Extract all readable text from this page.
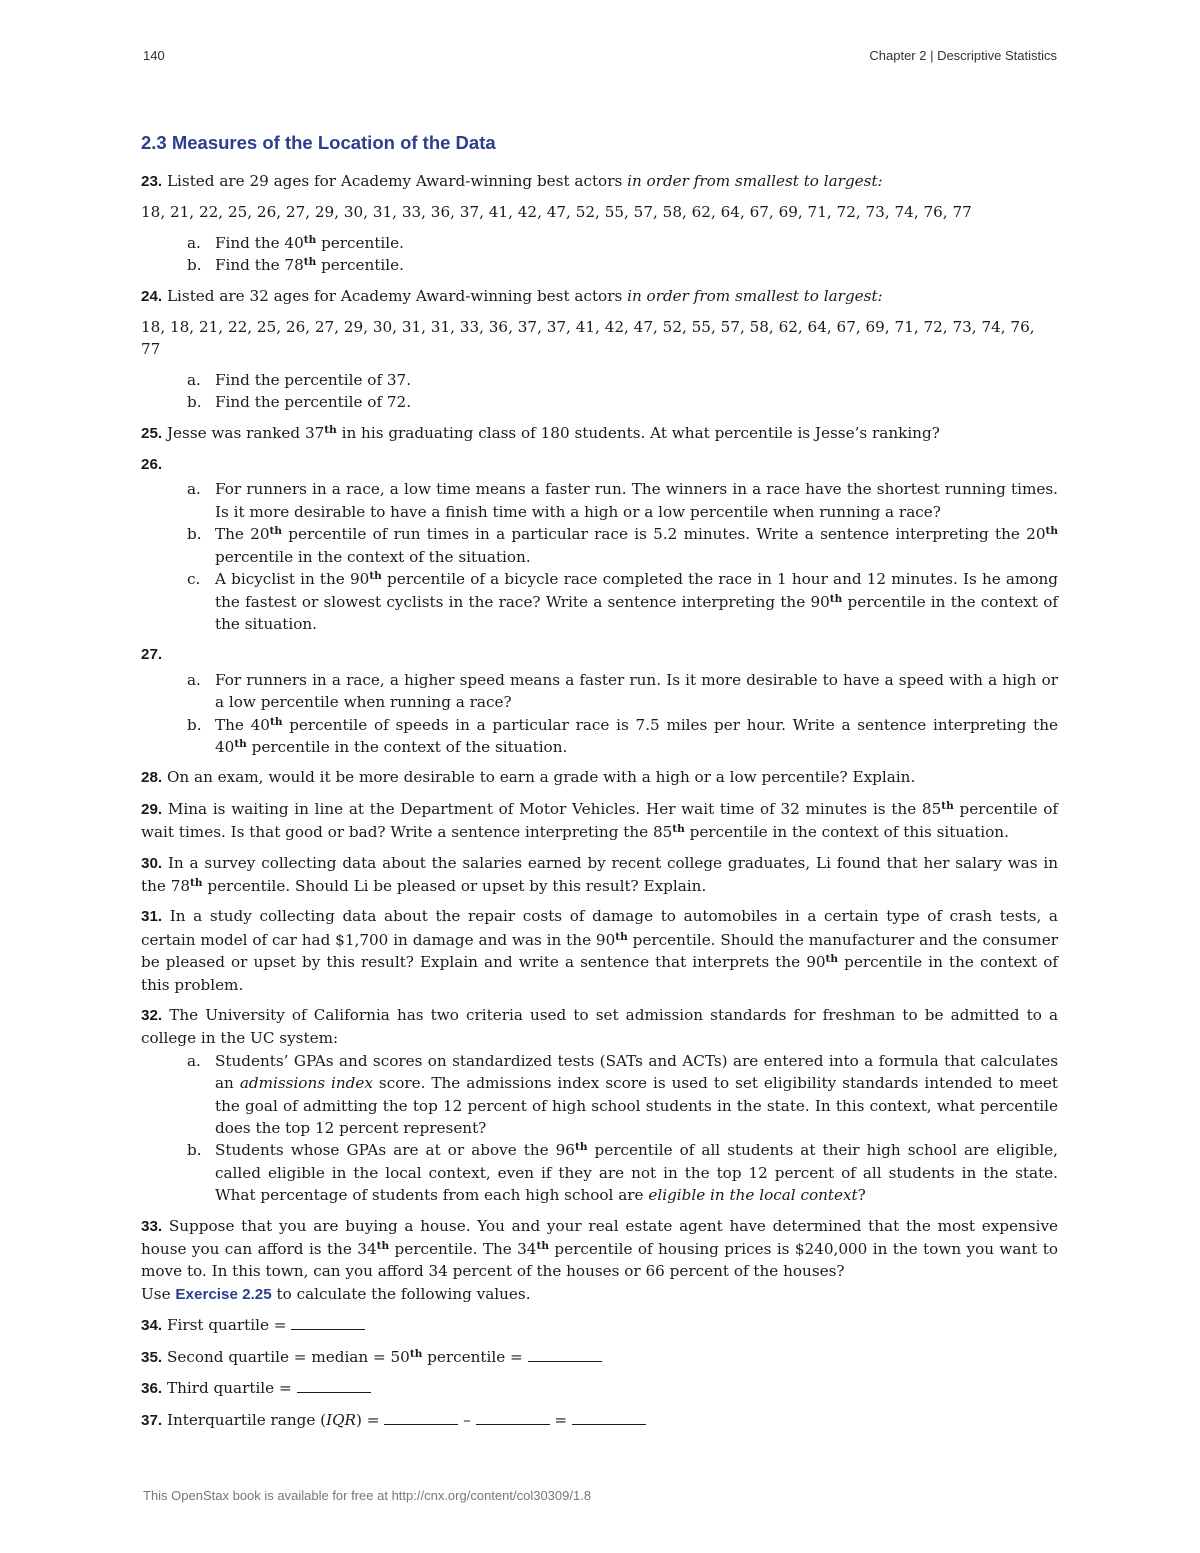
140	Chapter 2 | Descriptive Statistics
2.3 Measures of the Location of the Data

23. Listed are 29 ages for Academy Award-winning best actors in order from smallest to largest:

18, 21, 22, 25, 26, 27, 29, 30, 31, 33, 36, 37, 41, 42, 47, 52, 55, 57, 58, 62, 64, 67, 69, 71, 72, 73, 74, 76, 77

a. Find the 40th percentile.
b. Find the 78th percentile.

24. Listed are 32 ages for Academy Award-winning best actors in order from smallest to largest:

18, 18, 21, 22, 25, 26, 27, 29, 30, 31, 31, 33, 36, 37, 37, 41, 42, 47, 52, 55, 57, 58, 62, 64, 67, 69, 71, 72, 73, 74, 76, 77

a. Find the percentile of 37.
b. Find the percentile of 72.

25. Jesse was ranked 37th in his graduating class of 180 students. At what percentile is Jesse’s ranking?

26.

a. For runners in a race, a low time means a faster run. The winners in a race have the shortest running times. Is it more desirable to have a finish time with a high or a low percentile when running a race?
b. The 20th percentile of run times in a particular race is 5.2 minutes. Write a sentence interpreting the 20th percentile in the context of the situation.
c. A bicyclist in the 90th percentile of a bicycle race completed the race in 1 hour and 12 minutes. Is he among the fastest or slowest cyclists in the race? Write a sentence interpreting the 90th percentile in the context of the situation.

27.

a. For runners in a race, a higher speed means a faster run. Is it more desirable to have a speed with a high or a low percentile when running a race?
b. The 40th percentile of speeds in a particular race is 7.5 miles per hour. Write a sentence interpreting the 40th percentile in the context of the situation.

28. On an exam, would it be more desirable to earn a grade with a high or a low percentile? Explain.

29. Mina is waiting in line at the Department of Motor Vehicles. Her wait time of 32 minutes is the 85th percentile of wait times. Is that good or bad? Write a sentence interpreting the 85th percentile in the context of this situation.

30. In a survey collecting data about the salaries earned by recent college graduates, Li found that her salary was in the 78th percentile. Should Li be pleased or upset by this result? Explain.

31. In a study collecting data about the repair costs of damage to automobiles in a certain type of crash tests, a certain model of car had $1,700 in damage and was in the 90th percentile. Should the manufacturer and the consumer be pleased or upset by this result? Explain and write a sentence that interprets the 90th percentile in the context of this problem.

32. The University of California has two criteria used to set admission standards for freshman to be admitted to a college in the UC system:

a. Students’ GPAs and scores on standardized tests (SATs and ACTs) are entered into a formula that calculates an admissions index score. The admissions index score is used to set eligibility standards intended to meet the goal of admitting the top 12 percent of high school students in the state. In this context, what percentile does the top 12 percent represent?
b. Students whose GPAs are at or above the 96th percentile of all students at their high school are eligible, called eligible in the local context, even if they are not in the top 12 percent of all students in the state. What percentage of students from each high school are eligible in the local context?

33. Suppose that you are buying a house. You and your real estate agent have determined that the most expensive house you can afford is the 34th percentile. The 34th percentile of housing prices is $240,000 in the town you want to move to. In this town, can you afford 34 percent of the houses or 66 percent of the houses?

Use Exercise 2.25 to calculate the following values.

34. First quartile =

35. Second quartile = median = 50th percentile =

36. Third quartile =

37. Interquartile range (IQR) =	–	=

This OpenStax book is available for free at http://cnx.org/content/col30309/1.8
